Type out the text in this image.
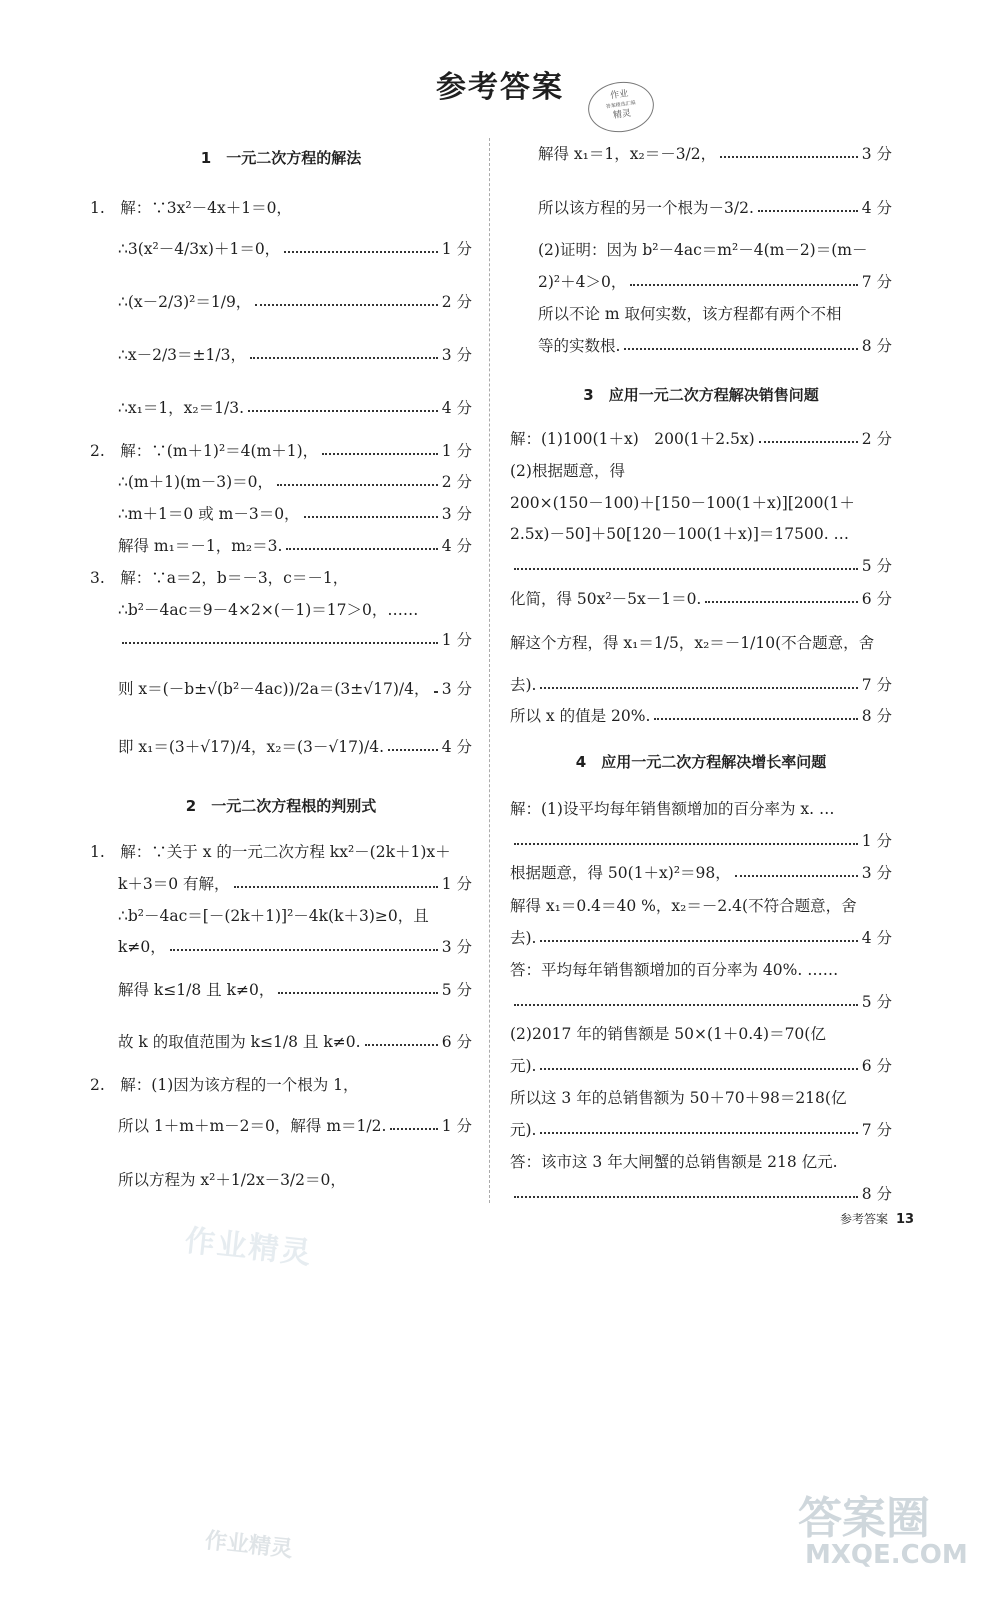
参考答案	作业
答案精选汇编
精灵
1　一元二次方程的解法
1.　解：∵3x²－4x＋1＝0，
∴3(x²－4/3x)＋1＝0，	1 分
∴(x－2/3)²＝1/9，	2 分
∴x－2/3＝±1/3，	3 分
∴x₁＝1，x₂＝1/3.	4 分
2.　解：∵(m＋1)²＝4(m＋1)，	1 分
∴(m＋1)(m－3)＝0，	2 分
∴m＋1＝0 或 m－3＝0，	3 分
解得 m₁＝－1，m₂＝3.	4 分
3.　解：∵a＝2，b＝－3，c＝－1，
∴b²－4ac＝9－4×2×(－1)＝17＞0，……
1 分
则 x＝(－b±√(b²－4ac))/2a＝(3±√17)/4， 3 分
即 x₁＝(3＋√17)/4，x₂＝(3－√17)/4.	4 分
2　一元二次方程根的判别式
1.　解：∵关于 x 的一元二次方程 kx²－(2k＋1)x＋
k＋3＝0 有解，	1 分
∴b²－4ac＝[－(2k＋1)]²－4k(k＋3)≥0，且
k≠0，	3 分
解得 k≤1/8 且 k≠0，	5 分
故 k 的取值范围为 k≤1/8 且 k≠0.	6 分
2.　解：(1)因为该方程的一个根为 1，
所以 1＋m＋m－2＝0，解得 m＝1/2.	1 分
所以方程为 x²＋1/2x－3/2＝0，
解得 x₁＝1，x₂＝－3/2，	3 分
所以该方程的另一个根为－3/2.	4 分
(2)证明：因为 b²－4ac＝m²－4(m－2)＝(m－
2)²＋4＞0，	7 分
所以不论 m 取何实数，该方程都有两个不相
等的实数根.	8 分
3　应用一元二次方程解决销售问题
解：(1)100(1＋x)　200(1＋2.5x)	2 分
(2)根据题意，得
200×(150－100)＋[150－100(1＋x)][200(1＋
2.5x)－50]＋50[120－100(1＋x)]＝17500. …
5 分
化简，得 50x²－5x－1＝0.	6 分
解这个方程，得 x₁＝1/5，x₂＝－1/10(不合题意，舍
去).	7 分
所以 x 的值是 20%.	8 分
4　应用一元二次方程解决增长率问题
解：(1)设平均每年销售额增加的百分率为 x. …
1 分
根据题意，得 50(1＋x)²＝98，	3 分
解得 x₁＝0.4＝40 %，x₂＝－2.4(不符合题意，舍
去).	4 分
答：平均每年销售额增加的百分率为 40%. ……
5 分
(2)2017 年的销售额是 50×(1＋0.4)＝70(亿
元).	6 分
所以这 3 年的总销售额为 50＋70＋98＝218(亿
元).	7 分
答：该市这 3 年大闸蟹的总销售额是 218 亿元.
8 分
参考答案 13
作业精灵
作业精灵
答案圈
MXQE.COM
